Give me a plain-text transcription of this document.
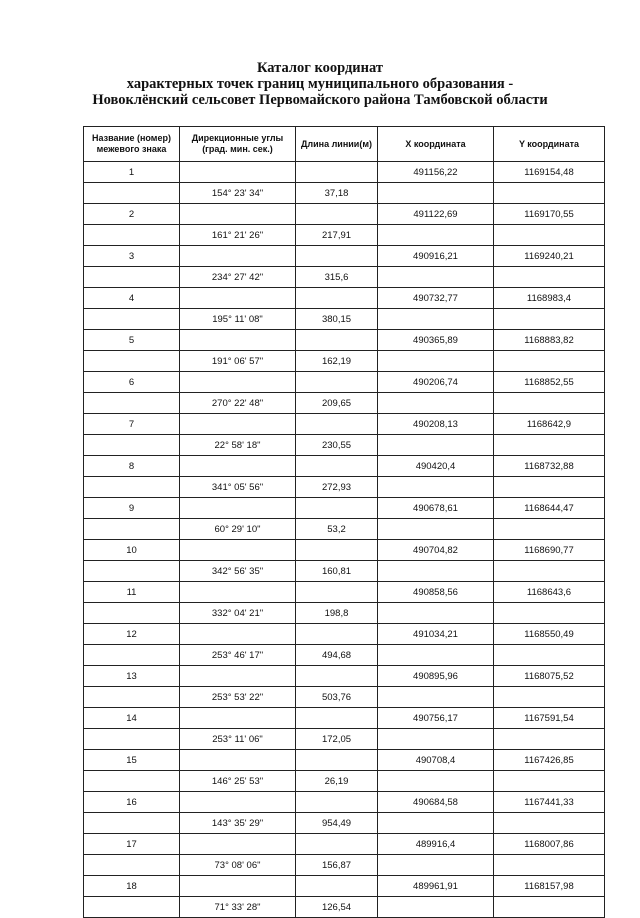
Каталог координат
характерных точек границ муниципального образования -
Новоклёнский сельсовет Первомайского района Тамбовской области
Название (номер) межевого знака	Дирекционные углы (град. мин. сек.)	Длина линии(м)	X координата	Y координата
1			491156,22	1169154,48
	154° 23' 34"	37,18		
2			491122,69	1169170,55
	161° 21' 26"	217,91		
3			490916,21	1169240,21
	234° 27' 42"	315,6		
4			490732,77	1168983,4
	195° 11' 08"	380,15		
5			490365,89	1168883,82
	191° 06' 57"	162,19		
6			490206,74	1168852,55
	270° 22' 48"	209,65		
7			490208,13	1168642,9
	22° 58' 18"	230,55		
8			490420,4	1168732,88
	341° 05' 56"	272,93		
9			490678,61	1168644,47
	60° 29' 10"	53,2		
10			490704,82	1168690,77
	342° 56' 35"	160,81		
11			490858,56	1168643,6
	332° 04' 21"	198,8		
12			491034,21	1168550,49
	253° 46' 17"	494,68		
13			490895,96	1168075,52
	253° 53' 22"	503,76		
14			490756,17	1167591,54
	253° 11' 06"	172,05		
15			490708,4	1167426,85
	146° 25' 53"	26,19		
16			490684,58	1167441,33
	143° 35' 29"	954,49		
17			489916,4	1168007,86
	73° 08' 06"	156,87		
18			489961,91	1168157,98
	71° 33' 28"	126,54		
